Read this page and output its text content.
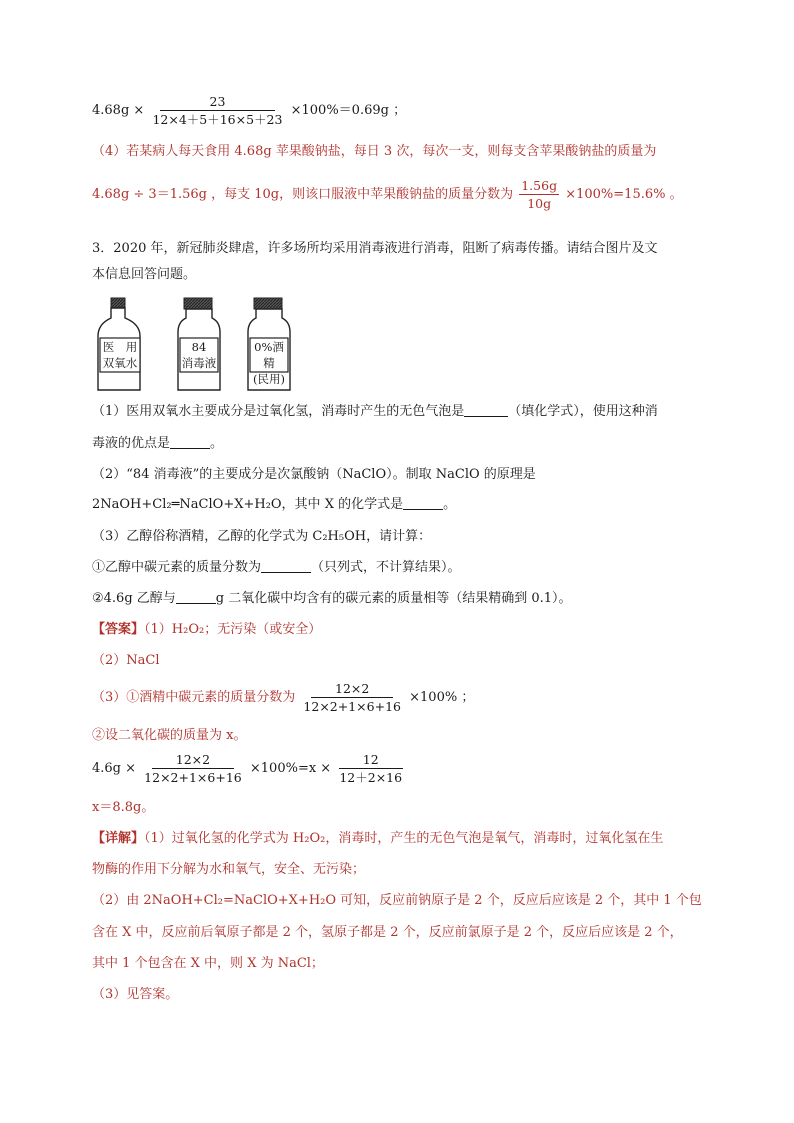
$4.68g \times \frac{23}{12\times 4+5+16\times 5+23} \times 100\%=0.69g$ ；
（4）若某病人每天食用 4.68g 苹果酸钠盐，每日 3 次，每次一支，则每支含苹果酸钠盐的质量为
4.68g ÷ 3＝1.56g ，每支 10g，则该口服液中苹果酸钠盐的质量分数为 $\frac{1.56g}{10g} \times 100\%=15.6\%$ 。
3．2020 年，新冠肺炎肆虐，许多场所均采用消毒液进行消毒，阻断了病毒传播。请结合图片及文
本信息回答问题。
医　用
双氧水
84
消毒液
0%酒精
(民用)
（1）医用双氧水主要成分是过氧化氢，消毒时产生的无色气泡是	（填化学式），使用这种消
毒液的优点是	。
（2）“84 消毒液”的主要成分是次氯酸钠（NaClO）。制取 NaClO 的原理是
2NaOH+Cl₂═NaClO+X+H₂O，其中 X 的化学式是	。
（3）乙醇俗称酒精，乙醇的化学式为 C₂H₅OH，请计算：
①乙醇中碳元素的质量分数为	（只列式，不计算结果）。
②4.6g 乙醇与	g 二氧化碳中均含有的碳元素的质量相等（结果精确到 0.1）。
【答案】（1）H₂O₂；无污染（或安全）
（2）NaCl
（3）①酒精中碳元素的质量分数为 $\frac{12\times 2}{12\times 2+1\times 6+16} \times 100\%$ ；
②设二氧化碳的质量为 x。
$4.6g \times \frac{12\times 2}{12\times 2+1\times 6+16} \times 100\%=x \times \frac{12}{12+2\times 16}$
x＝8.8g。
【详解】（1）过氧化氢的化学式为 H₂O₂，消毒时，产生的无色气泡是氧气，消毒时，过氧化氢在生
物酶的作用下分解为水和氧气，安全、无污染；
（2）由 2NaOH+Cl₂=NaClO+X+H₂O 可知，反应前钠原子是 2 个，反应后应该是 2 个，其中 1 个包
含在 X 中，反应前后氧原子都是 2 个，氢原子都是 2 个，反应前氯原子是 2 个，反应后应该是 2 个，
其中 1 个包含在 X 中，则 X 为 NaCl；
（3）见答案。
